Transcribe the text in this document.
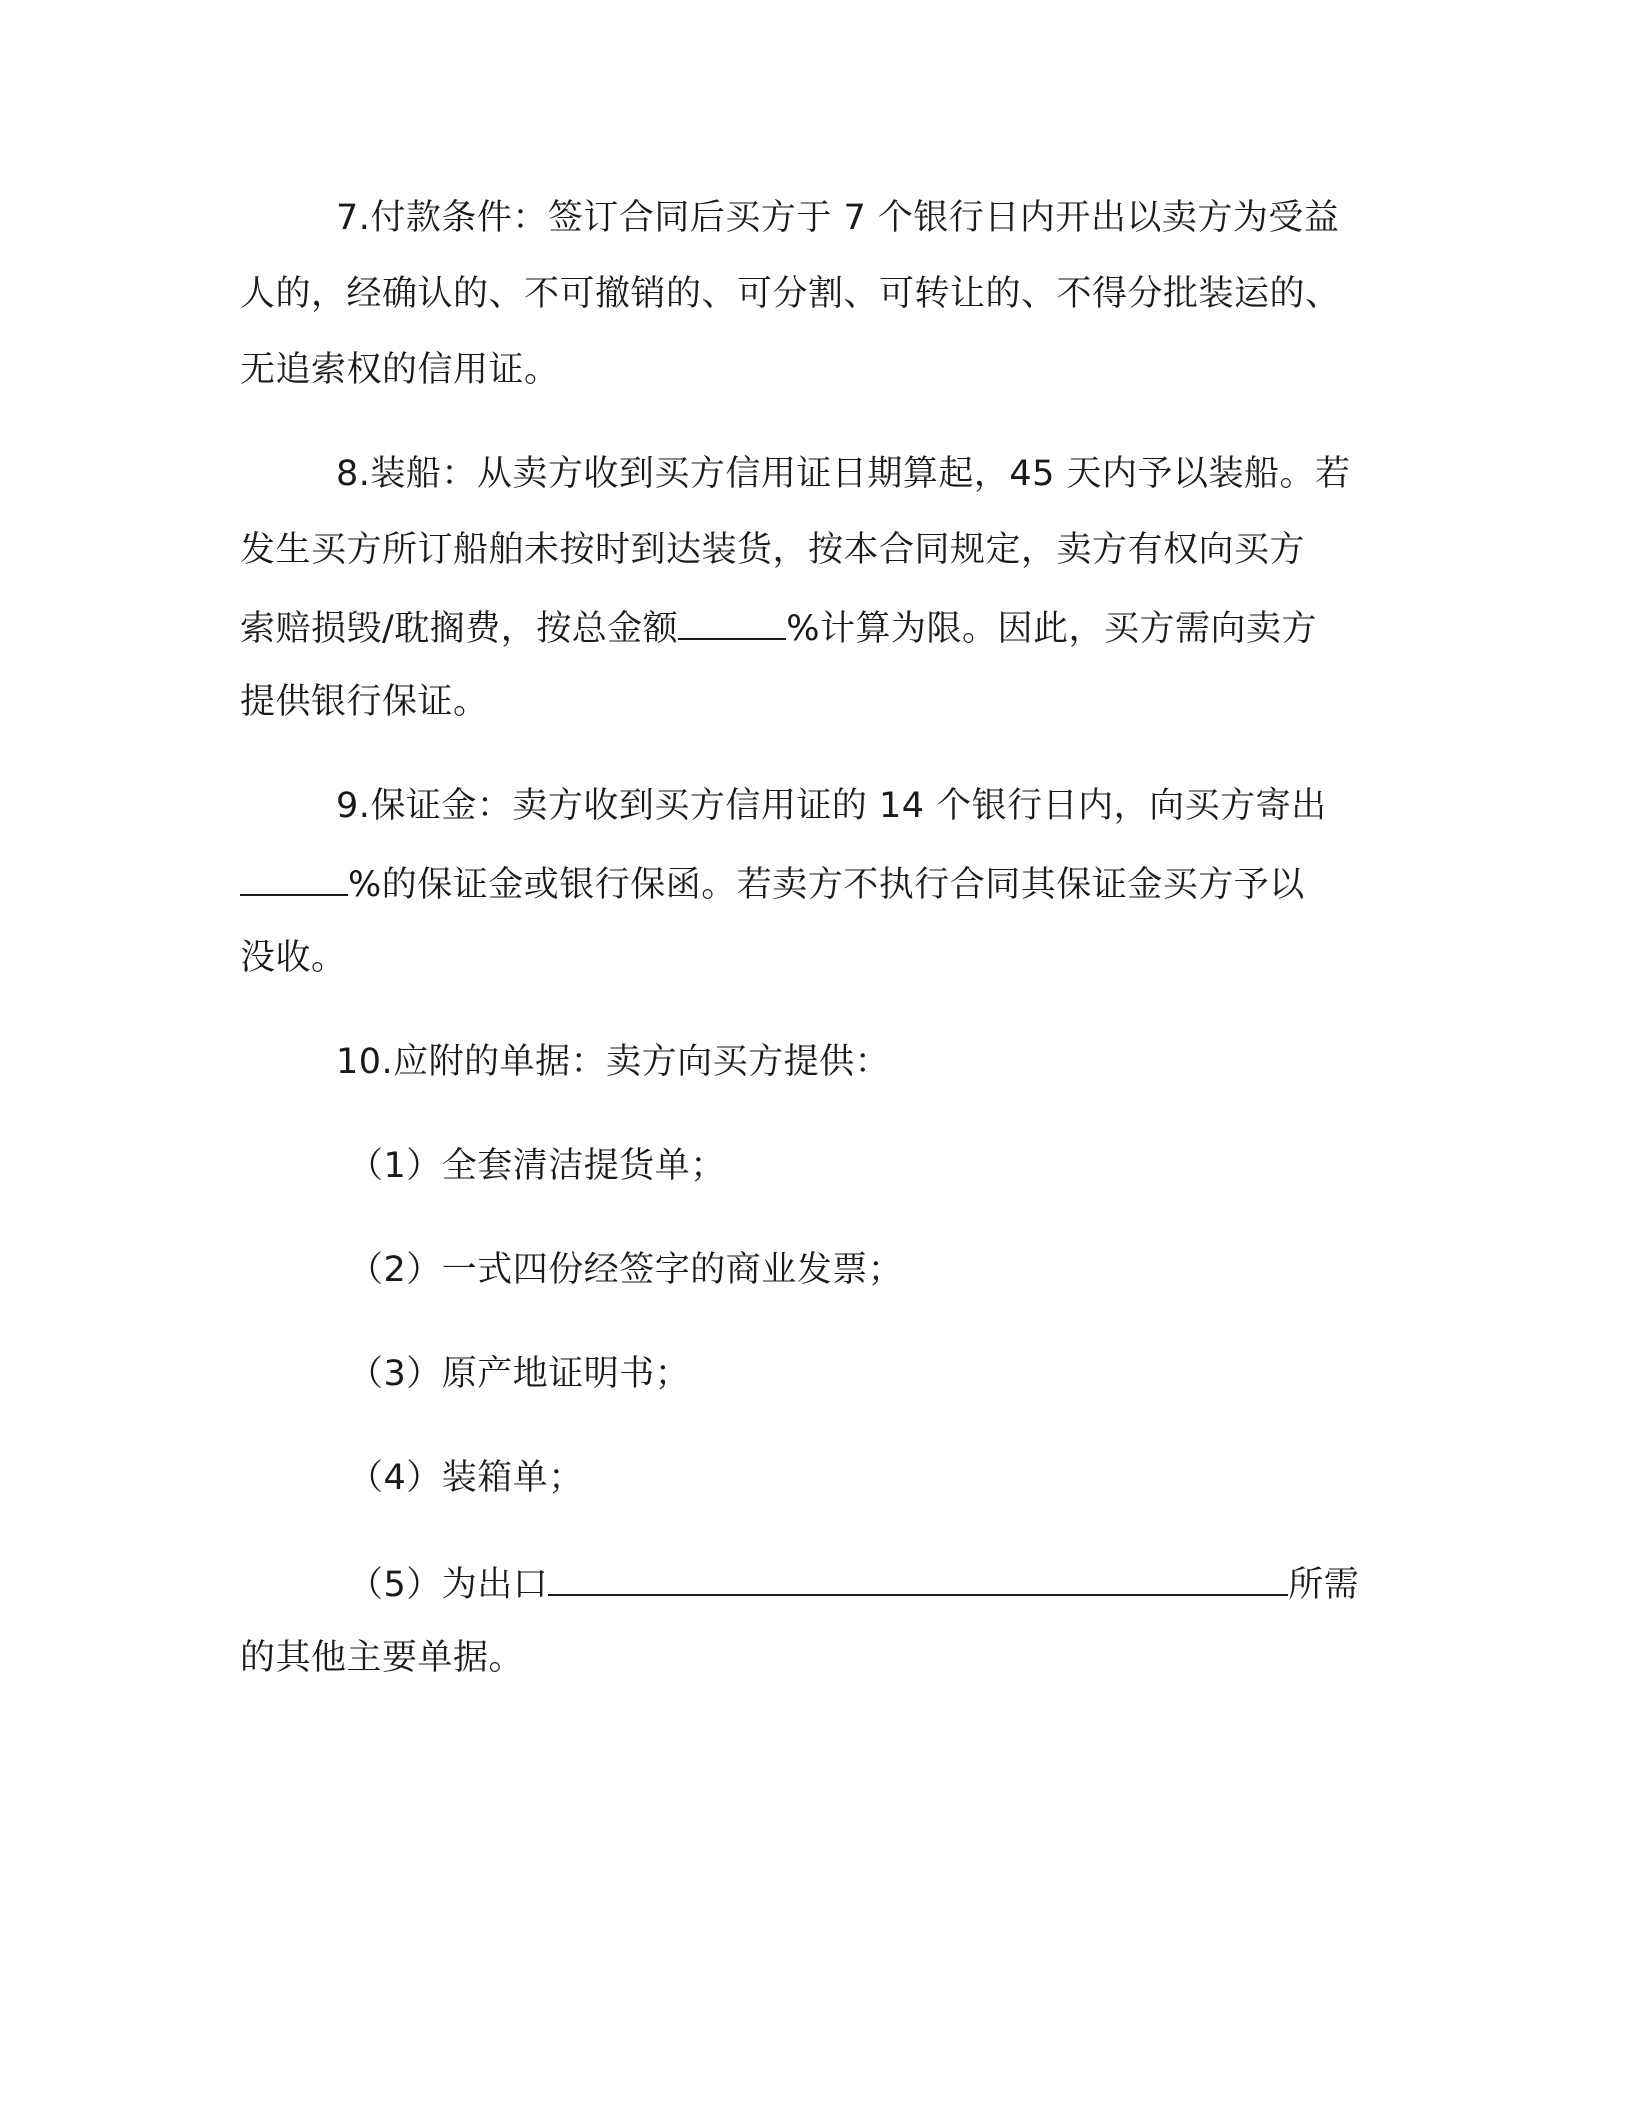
7.付款条件：签订合同后买方于 7 个银行日内开出以卖方为受益
人的，经确认的、不可撤销的、可分割、可转让的、不得分批装运的、
无追索权的信用证。
8.装船：从卖方收到买方信用证日期算起，45 天内予以装船。若
发生买方所订船舶未按时到达装货，按本合同规定，卖方有权向买方
索赔损毁/耽搁费，按总金额	%计算为限。因此，买方需向卖方
提供银行保证。
9.保证金：卖方收到买方信用证的 14 个银行日内，向买方寄出
%的保证金或银行保函。若卖方不执行合同其保证金买方予以
没收。
10.应附的单据：卖方向买方提供：
（1）全套清洁提货单；
（2）一式四份经签字的商业发票；
（3）原产地证明书；
（4）装箱单；
（5）为出口	所需
的其他主要单据。
